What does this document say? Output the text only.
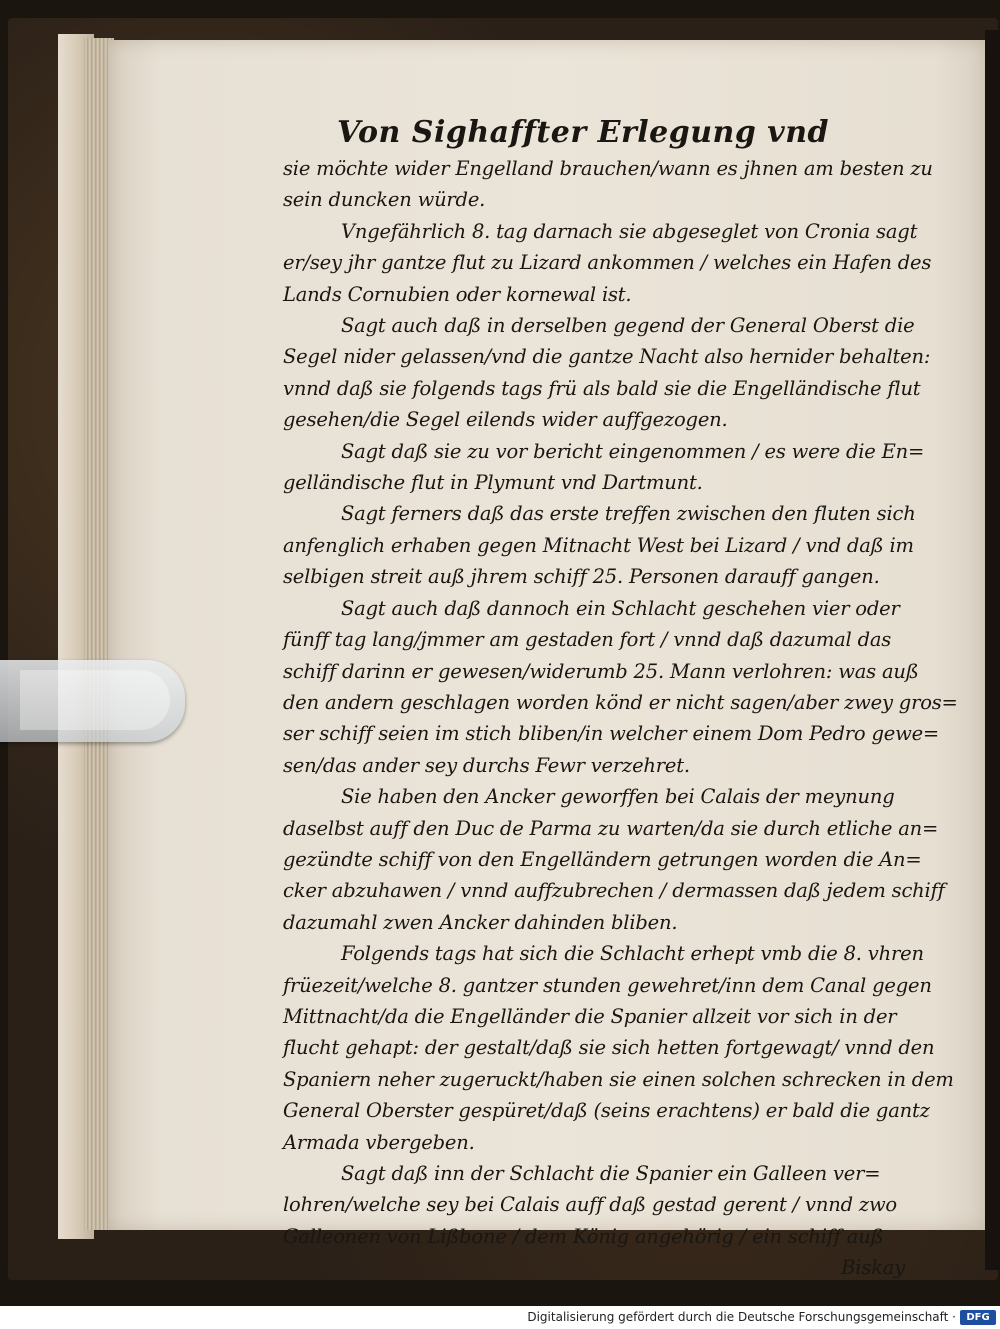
Von Sighaffter Erlegung vnd
sie möchte wider Engelland brauchen/wann es jhnen am besten zu
sein duncken würde.
Vngefährlich 8. tag darnach sie abgeseglet von Cronia sagt
er/sey jhr gantze flut zu Lizard ankommen / welches ein Hafen des
Lands Cornubien oder kornewal ist.
Sagt auch daß in derselben gegend der General Oberst die
Segel nider gelassen/vnd die gantze Nacht also hernider behalten:
vnnd daß sie folgends tags frü als bald sie die Engelländische flut
gesehen/die Segel eilends wider auffgezogen.
Sagt daß sie zu vor bericht eingenommen / es were die En=
gelländische flut in Plymunt vnd Dartmunt.
Sagt ferners daß das erste treffen zwischen den fluten sich
anfenglich erhaben gegen Mitnacht West bei Lizard / vnd daß im
selbigen streit auß jhrem schiff 25. Personen darauff gangen.
Sagt auch daß dannoch ein Schlacht geschehen vier oder
fünff tag lang/jmmer am gestaden fort / vnnd daß dazumal das
schiff darinn er gewesen/widerumb 25. Mann verlohren: was auß
den andern geschlagen worden könd er nicht sagen/aber zwey gros=
ser schiff seien im stich bliben/in welcher einem Dom Pedro gewe=
sen/das ander sey durchs Fewr verzehret.
Sie haben den Ancker geworffen bei Calais der meynung
daselbst auff den Duc de Parma zu warten/da sie durch etliche an=
gezündte schiff von den Engelländern getrungen worden die An=
cker abzuhawen / vnnd auffzubrechen / dermassen daß jedem schiff
dazumahl zwen Ancker dahinden bliben.
Folgends tags hat sich die Schlacht erhept vmb die 8. vhren
früezeit/welche 8. gantzer stunden gewehret/inn dem Canal gegen
Mittnacht/da die Engelländer die Spanier allzeit vor sich in der
flucht gehapt: der gestalt/daß sie sich hetten fortgewagt/ vnnd den
Spaniern neher zugeruckt/haben sie einen solchen schrecken in dem
General Oberster gespüret/daß (seins erachtens) er bald die gantz
Armada vbergeben.
Sagt daß inn der Schlacht die Spanier ein Galleen ver=
lohren/welche sey bei Calais auff daß gestad gerent / vnnd zwo
Galleonen von Lißbone / dem König angehörig / ein schiff auß
Biskay
Digitalisierung gefördert durch die Deutsche Forschungsgemeinschaft ·	DFG
